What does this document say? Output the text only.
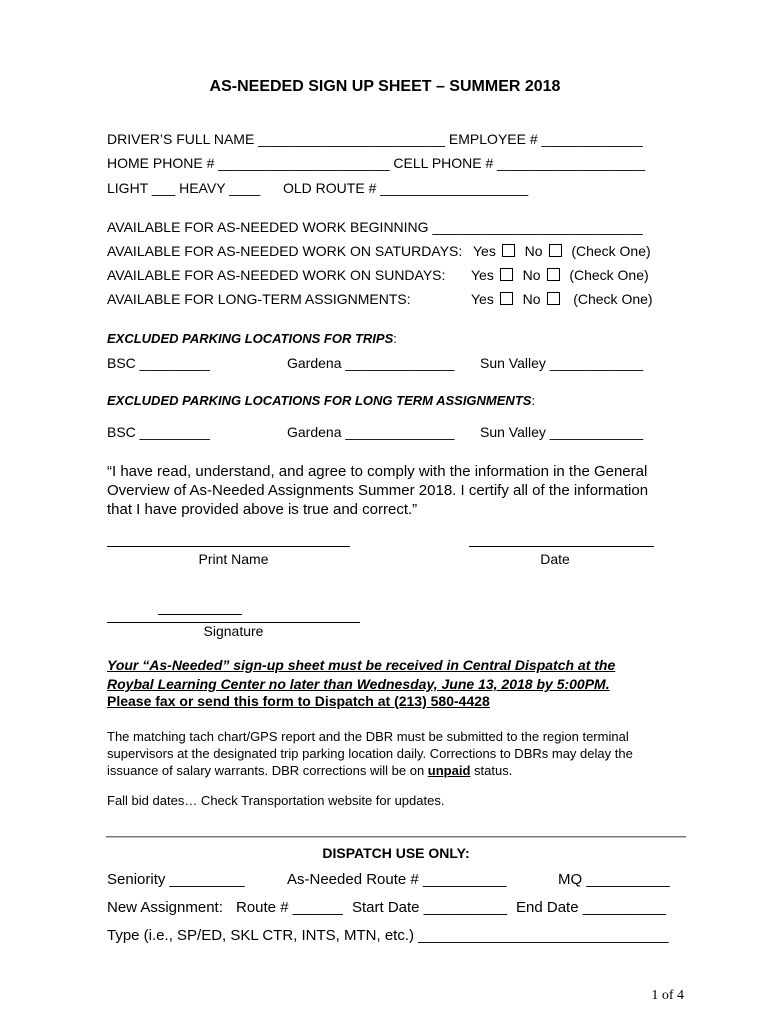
AS-NEEDED SIGN UP SHEET – SUMMER 2018
DRIVER’S FULL NAME ________________________ EMPLOYEE # _____________
HOME PHONE # ______________________ CELL PHONE # ___________________
LIGHT ___ HEAVY ____ OLD ROUTE # ___________________
AVAILABLE FOR AS-NEEDED WORK BEGINNING ___________________________
AVAILABLE FOR AS-NEEDED WORK ON SATURDAYS: Yes No (Check One)
AVAILABLE FOR AS-NEEDED WORK ON SUNDAYS: Yes No (Check One)
AVAILABLE FOR LONG-TERM ASSIGNMENTS:	Yes No (Check One)
EXCLUDED PARKING LOCATIONS FOR TRIPS:
BSC _________	Gardena ______________ Sun Valley ____________
EXCLUDED PARKING LOCATIONS FOR LONG TERM ASSIGNMENTS:
BSC _________	Gardena ______________ Sun Valley ____________
“I have read, understand, and agree to comply with the information in the General Overview of As-Needed Assignments Summer 2018. I certify all of the information that I have provided above is true and correct.”
Print Name	Date
Signature
Your “As-Needed” sign-up sheet must be received in Central Dispatch at the
Roybal Learning Center no later than Wednesday, June 13, 2018 by 5:00PM.
Please fax or send this form to Dispatch at (213) 580-4428
The matching tach chart/GPS report and the DBR must be submitted to the region terminal supervisors at the designated trip parking location daily. Corrections to DBRs may delay the issuance of salary warrants. DBR corrections will be on unpaid status.
Fall bid dates… Check Transportation website for updates.
DISPATCH USE ONLY:
Seniority _________	As-Needed Route # __________	MQ __________
New Assignment: Route # ______ Start Date __________ End Date __________
Type (i.e., SP/ED, SKL CTR, INTS, MTN, etc.) ______________________________
1 of 4
